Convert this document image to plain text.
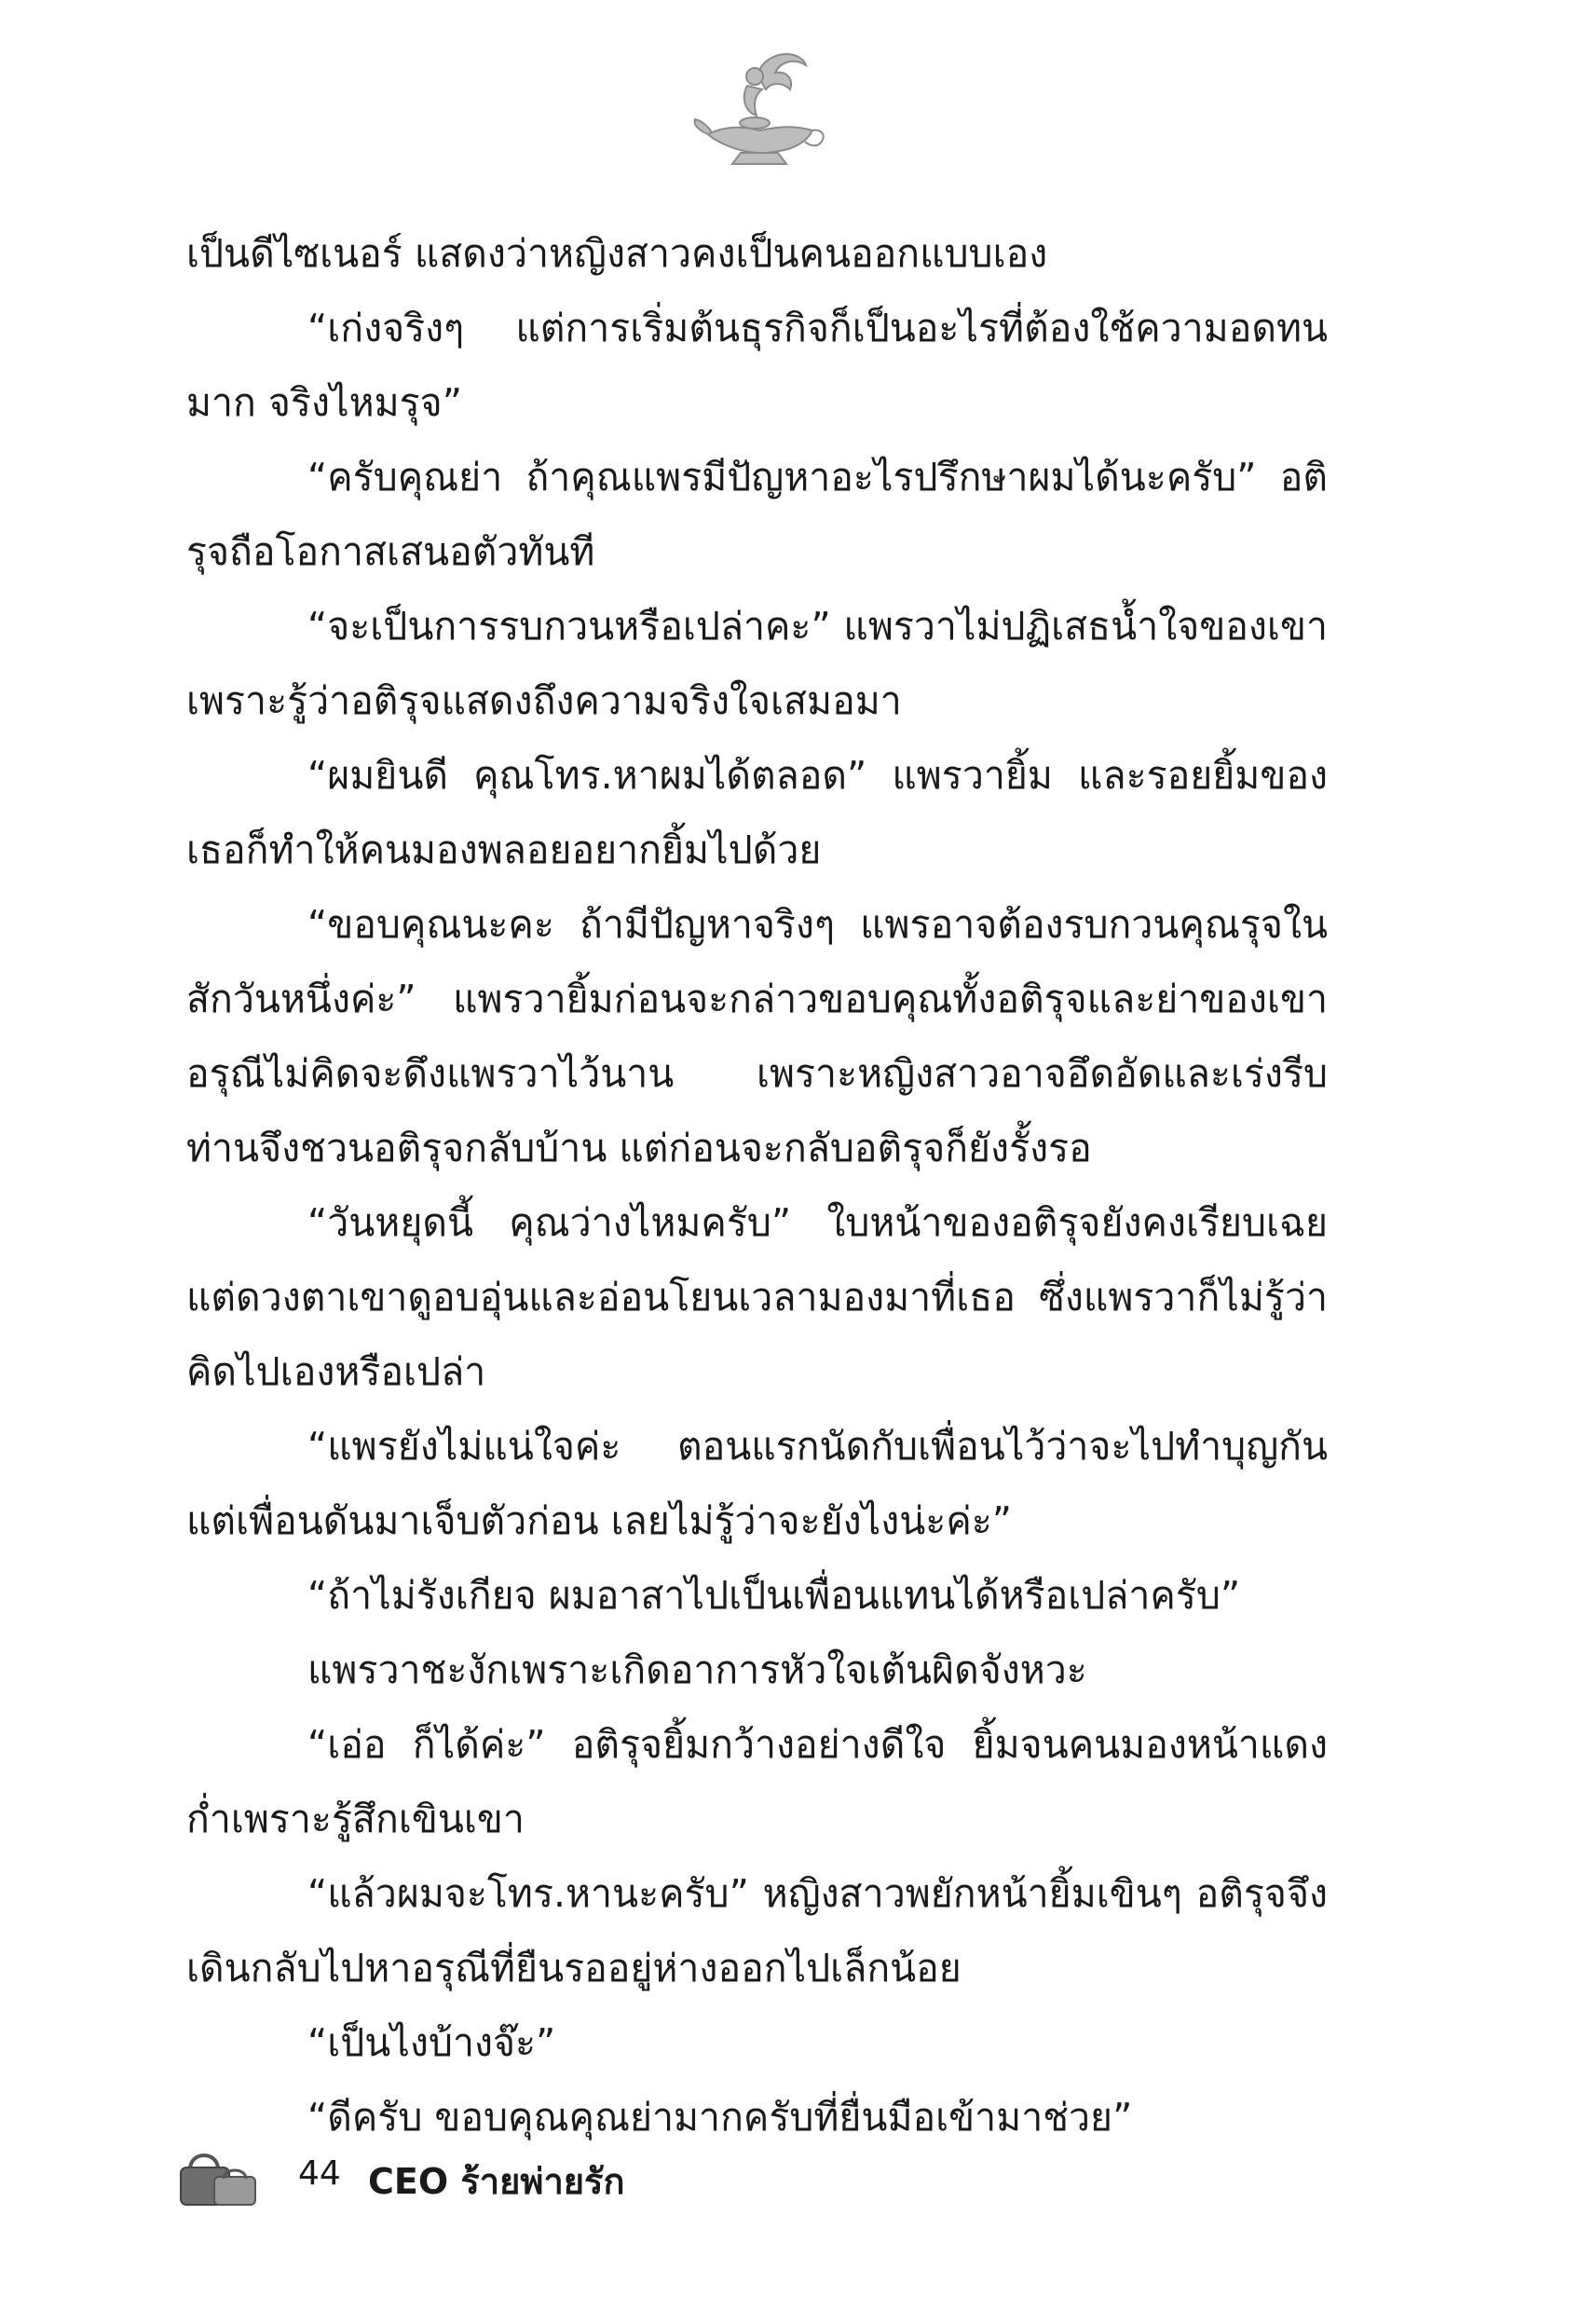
เป็นดีไซเนอร์ แสดงว่าหญิงสาวคงเป็นคนออกแบบเอง

“เก่งจริงๆ แต่การเริ่มต้นธุรกิจก็เป็นอะไรที่ต้องใช้ความอดทนมาก จริงไหมรุจ”

“ครับคุณย่า ถ้าคุณแพรมีปัญหาอะไรปรึกษาผมได้นะครับ” อติรุจถือโอกาสเสนอตัวทันที

“จะเป็นการรบกวนหรือเปล่าคะ” แพรวาไม่ปฏิเสธน้ำใจของเขาเพราะรู้ว่าอติรุจแสดงถึงความจริงใจเสมอมา

“ผมยินดี คุณโทร.หาผมได้ตลอด” แพรวายิ้ม และรอยยิ้มของเธอก็ทำให้คนมองพลอยอยากยิ้มไปด้วย

“ขอบคุณนะคะ ถ้ามีปัญหาจริงๆ แพรอาจต้องรบกวนคุณรุจในสักวันหนึ่งค่ะ” แพรวายิ้มก่อนจะกล่าวขอบคุณทั้งอติรุจและย่าของเขา อรุณีไม่คิดจะดึงแพรวาไว้นาน เพราะหญิงสาวอาจอึดอัดและเร่งรีบ ท่านจึงชวนอติรุจกลับบ้าน แต่ก่อนจะกลับอติรุจก็ยังรั้งรอ

“วันหยุดนี้ คุณว่างไหมครับ” ใบหน้าของอติรุจยังคงเรียบเฉย แต่ดวงตาเขาดูอบอุ่นและอ่อนโยนเวลามองมาที่เธอ ซึ่งแพรวาก็ไม่รู้ว่าคิดไปเองหรือเปล่า

“แพรยังไม่แน่ใจค่ะ ตอนแรกนัดกับเพื่อนไว้ว่าจะไปทำบุญกัน แต่เพื่อนดันมาเจ็บตัวก่อน เลยไม่รู้ว่าจะยังไงน่ะค่ะ”

“ถ้าไม่รังเกียจ ผมอาสาไปเป็นเพื่อนแทนได้หรือเปล่าครับ”

แพรวาชะงักเพราะเกิดอาการหัวใจเต้นผิดจังหวะ

“เอ่อ ก็ได้ค่ะ” อติรุจยิ้มกว้างอย่างดีใจ ยิ้มจนคนมองหน้าแดงก่ำเพราะรู้สึกเขินเขา

“แล้วผมจะโทร.หานะครับ” หญิงสาวพยักหน้ายิ้มเขินๆ อติรุจจึงเดินกลับไปหาอรุณีที่ยืนรออยู่ห่างออกไปเล็กน้อย

“เป็นไงบ้างจ๊ะ”

“ดีครับ ขอบคุณคุณย่ามากครับที่ยื่นมือเข้ามาช่วย”

44 CEO ร้ายพ่ายรัก
